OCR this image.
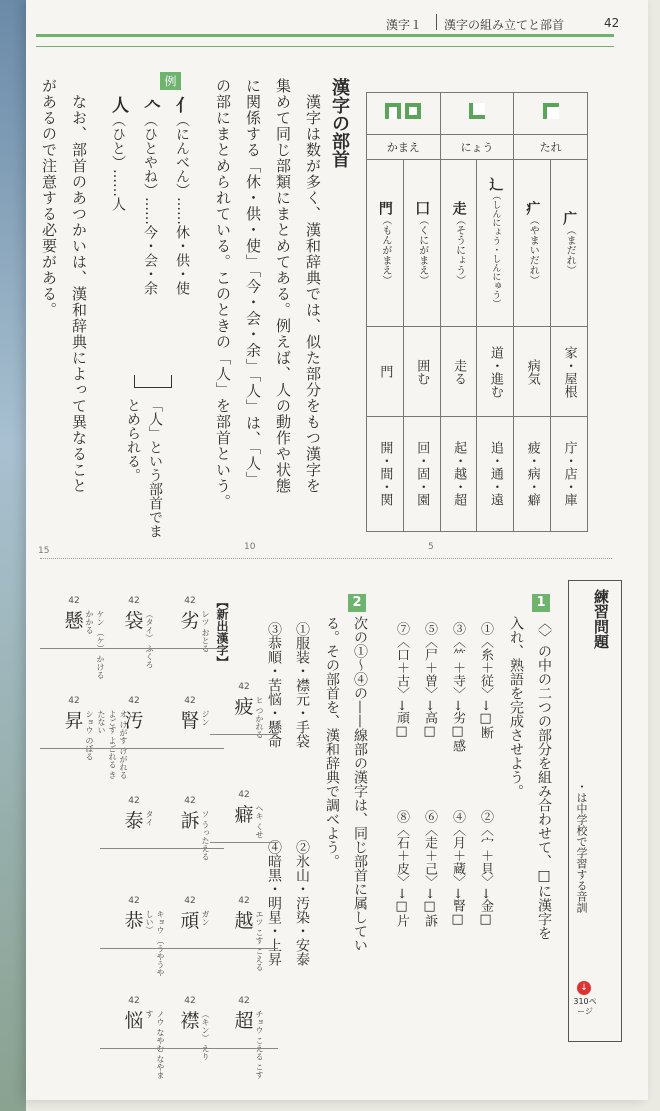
漢字１ 漢字の組み立てと部首	42

かまえ		にょう		たれ	

門（もんがまえ）	囗（くにがまえ）	走（そうにょう）	辶（しんにょう・しんにゅう）	疒（やまいだれ）	广（まだれ）

門	囲む	走る	道・進む	病気	家・屋根

開・間・関	回・固・園	起・越・超	追・通・遠	疲・病・癖	庁・店・庫
漢字の部首
　漢字は数が多く、漢和辞典では、似た部分をもつ漢字を
集めて同じ部類にまとめてある。例えば、人の動作や状態
に関係する「休・供・使」「今・会・余」「人」は、「人」
の部にまとめられている。このときの「人」を部首という。
例
亻（にんべん）……休・供・使
𠆢（ひとやね）……今・会・余
人（ひと）……人
「人」という部首でまとめられる。
　なお、部首のあつかいは、漢和辞典によって異なること
があるので注意する必要がある。
5
10
15
練習問題
・は中学校で学習する音訓
↓
310ページ
1
〈〉の中の二つの部分を組み合わせて、□に漢字を
入れ、熟語を完成させよう。
①〈糸＋従〉→□断
②〈宀＋貝〉→金□
③〈⺮＋寺〉→劣□感
④〈月＋蔵〉→腎□
⑤〈尸＋曽〉→高□
⑥〈走＋己〉→□訴
⑦〈口＋古〉→頑□
⑧〈石＋皮〉→□片
2
次の①〜④の——線部の漢字は、同じ部首に属してい
る。その部首を、漢和辞典で調べよう。
①服装・襟元・手袋
②氷山・汚染・安泰
③恭順・苦悩・懸命
④暗黒・明星・上昇
【新出漢字】
42
疲 ヒ つかれる
42
癖 ヘキ くせ
42
越 エツ こす こえる
42
超 チョウ こえる こす
42
劣 レツ おとる
42
腎 ジン
42
訴 ソ うったえる
42
頑 ガン
42
襟 （キン） えり
42
袋 （タイ） ふくろ
42
汚
オ けがす けがれる よごす よごれる きたない
42
泰 タイ
42
恭	キョウ （うやうやしい）
42
悩	ノウ なやむ なやます
42
懸	ケン （ケ） かける かかる
42
昇 ショウ のぼる
